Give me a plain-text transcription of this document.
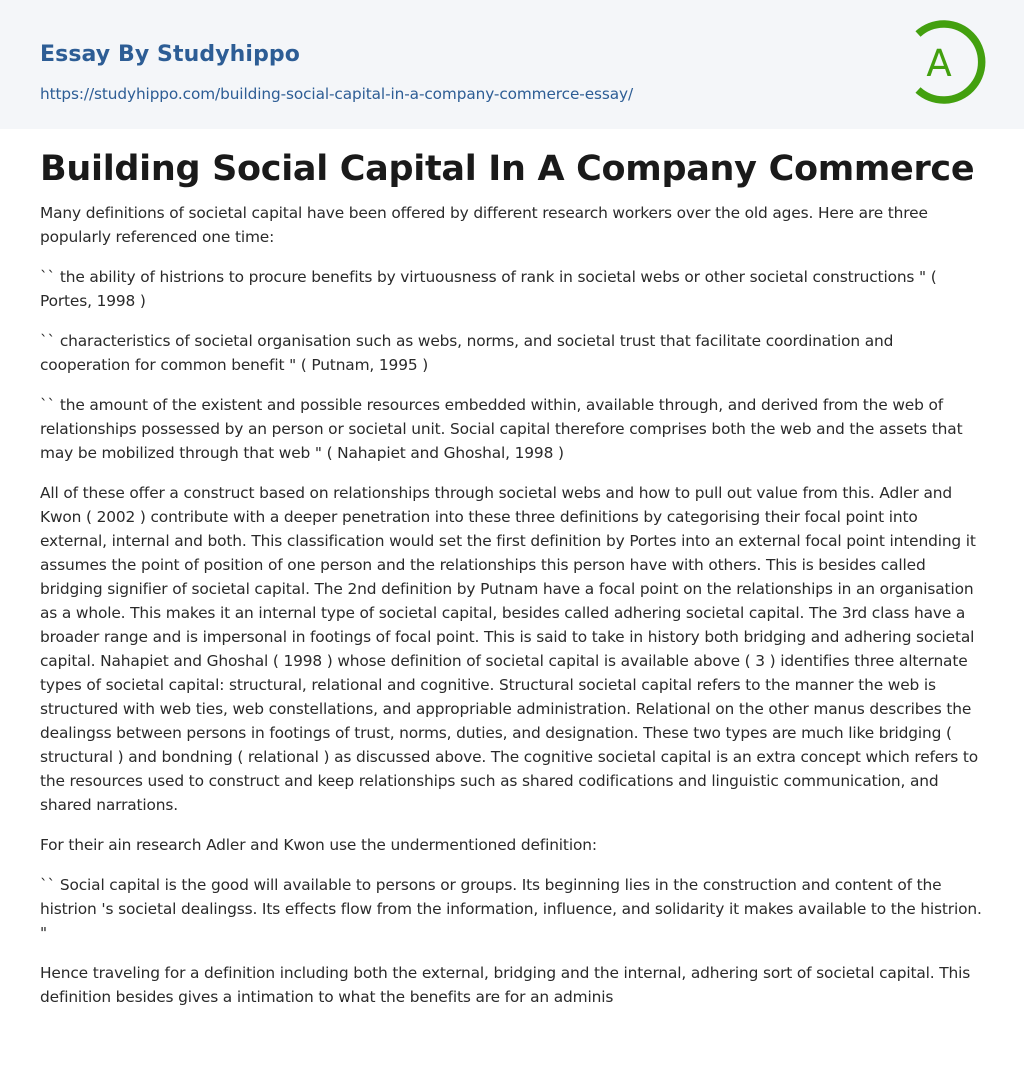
Essay By Studyhippo
https://studyhippo.com/building-social-capital-in-a-company-commerce-essay/
A
Building Social Capital In A Company Commerce

Many definitions of societal capital have been offered by different research workers over the old ages. Here are three popularly referenced one time:

`` the ability of histrions to procure benefits by virtuousness of rank in societal webs or other societal constructions " ( Portes, 1998 )

`` characteristics of societal organisation such as webs, norms, and societal trust that facilitate coordination and cooperation for common benefit " ( Putnam, 1995 )

`` the amount of the existent and possible resources embedded within, available through, and derived from the web of relationships possessed by an person or societal unit. Social capital therefore comprises both the web and the assets that may be mobilized through that web " ( Nahapiet and Ghoshal, 1998 )

All of these offer a construct based on relationships through societal webs and how to pull out value from this. Adler and Kwon ( 2002 ) contribute with a deeper penetration into these three definitions by categorising their focal point into external, internal and both. This classification would set the first definition by Portes into an external focal point intending it assumes the point of position of one person and the relationships this person have with others. This is besides called bridging signifier of societal capital. The 2nd definition by Putnam have a focal point on the relationships in an organisation as a whole. This makes it an internal type of societal capital, besides called adhering societal capital. The 3rd class have a broader range and is impersonal in footings of focal point. This is said to take in history both bridging and adhering societal capital. Nahapiet and Ghoshal ( 1998 ) whose definition of societal capital is available above ( 3 ) identifies three alternate types of societal capital: structural, relational and cognitive. Structural societal capital refers to the manner the web is structured with web ties, web constellations, and appropriable administration. Relational on the other manus describes the dealingss between persons in footings of trust, norms, duties, and designation. These two types are much like bridging ( structural ) and bondning ( relational ) as discussed above. The cognitive societal capital is an extra concept which refers to the resources used to construct and keep relationships such as shared codifications and linguistic communication, and shared narrations.

For their ain research Adler and Kwon use the undermentioned definition:

`` Social capital is the good will available to persons or groups. Its beginning lies in the construction and content of the histrion 's societal dealingss. Its effects flow from the information, influence, and solidarity it makes available to the histrion. "

Hence traveling for a definition including both the external, bridging and the internal, adhering sort of societal capital. This definition besides gives a intimation to what the benefits are for an adminis
